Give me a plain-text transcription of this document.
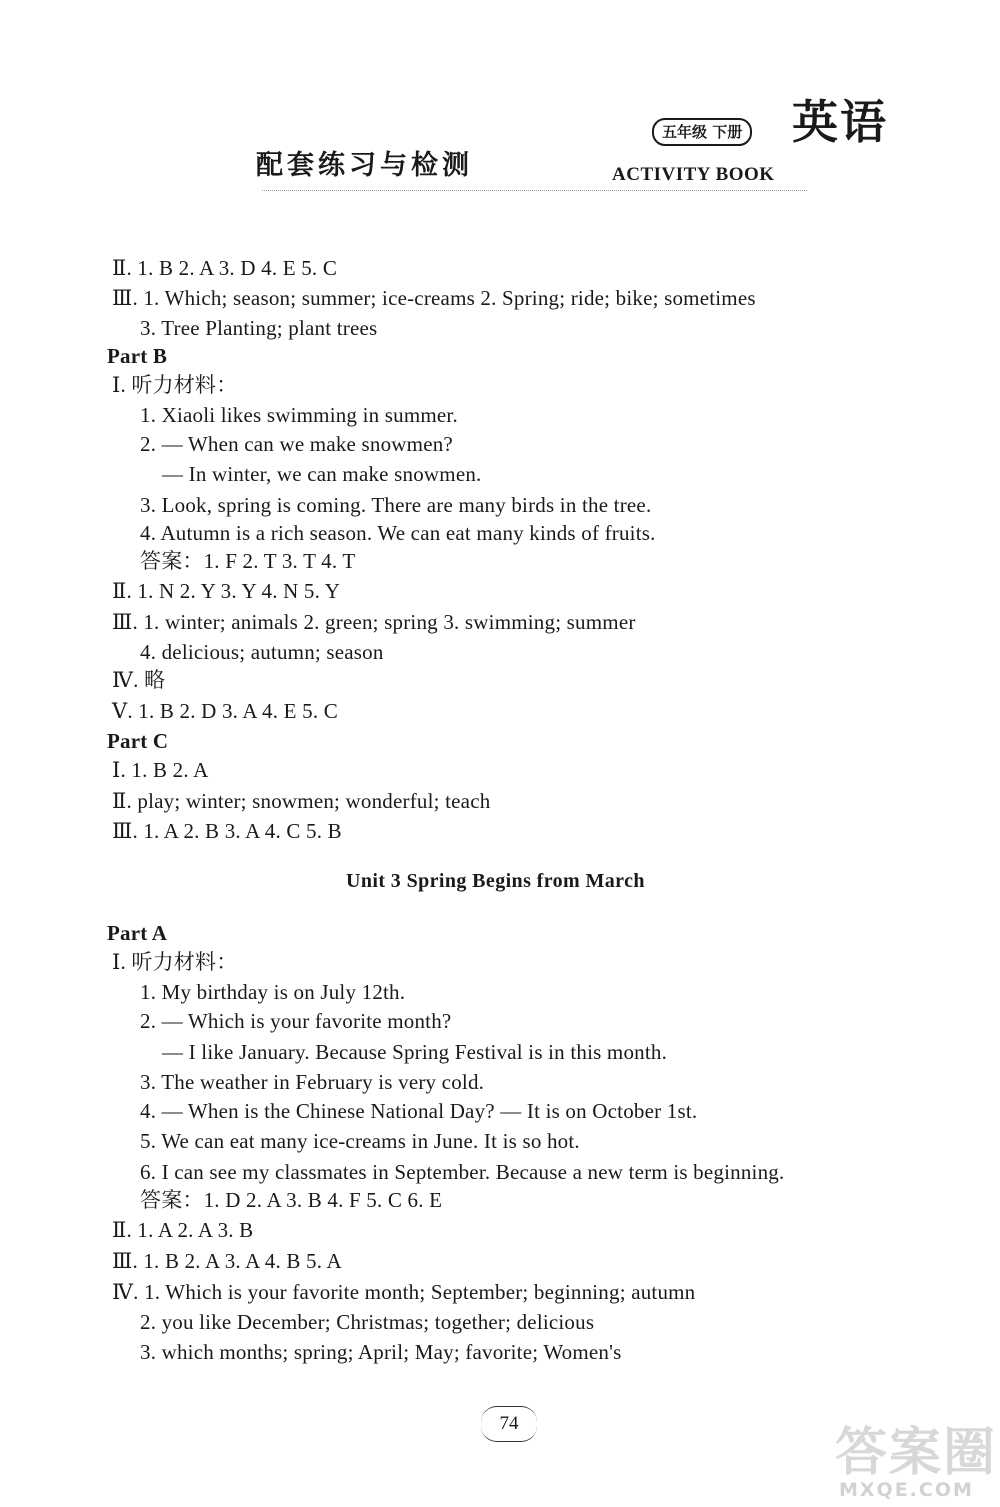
五年级 下册 英语
配套练习与检测	ACTIVITY BOOK
Ⅱ. 1. B 2. A 3. D 4. E 5. C
Ⅲ. 1. Which; season; summer; ice-creams 2. Spring; ride; bike; sometimes
3. Tree Planting; plant trees
Part B
Ⅰ. 听力材料：
1. Xiaoli likes swimming in summer.
2. — When can we make snowmen?
— In winter, we can make snowmen.
3. Look, spring is coming. There are many birds in the tree.
4. Autumn is a rich season. We can eat many kinds of fruits.
答案：1. F 2. T 3. T 4. T
Ⅱ. 1. N 2. Y 3. Y 4. N 5. Y
Ⅲ. 1. winter; animals 2. green; spring 3. swimming; summer
4. delicious; autumn; season
Ⅳ. 略
Ⅴ. 1. B 2. D 3. A 4. E 5. C
Part C
Ⅰ. 1. B 2. A
Ⅱ. play; winter; snowmen; wonderful; teach
Ⅲ. 1. A 2. B 3. A 4. C 5. B
Unit 3 Spring Begins from March
Part A
Ⅰ. 听力材料：
1. My birthday is on July 12th.
2. — Which is your favorite month?
— I like January. Because Spring Festival is in this month.
3. The weather in February is very cold.
4. — When is the Chinese National Day? — It is on October 1st.
5. We can eat many ice-creams in June. It is so hot.
6. I can see my classmates in September. Because a new term is beginning.
答案：1. D 2. A 3. B 4. F 5. C 6. E
Ⅱ. 1. A 2. A 3. B
Ⅲ. 1. B 2. A 3. A 4. B 5. A
Ⅳ. 1. Which is your favorite month; September; beginning; autumn
2. you like December; Christmas; together; delicious
3. which months; spring; April; May; favorite; Women's
74	答案圈
MXQE.COM
